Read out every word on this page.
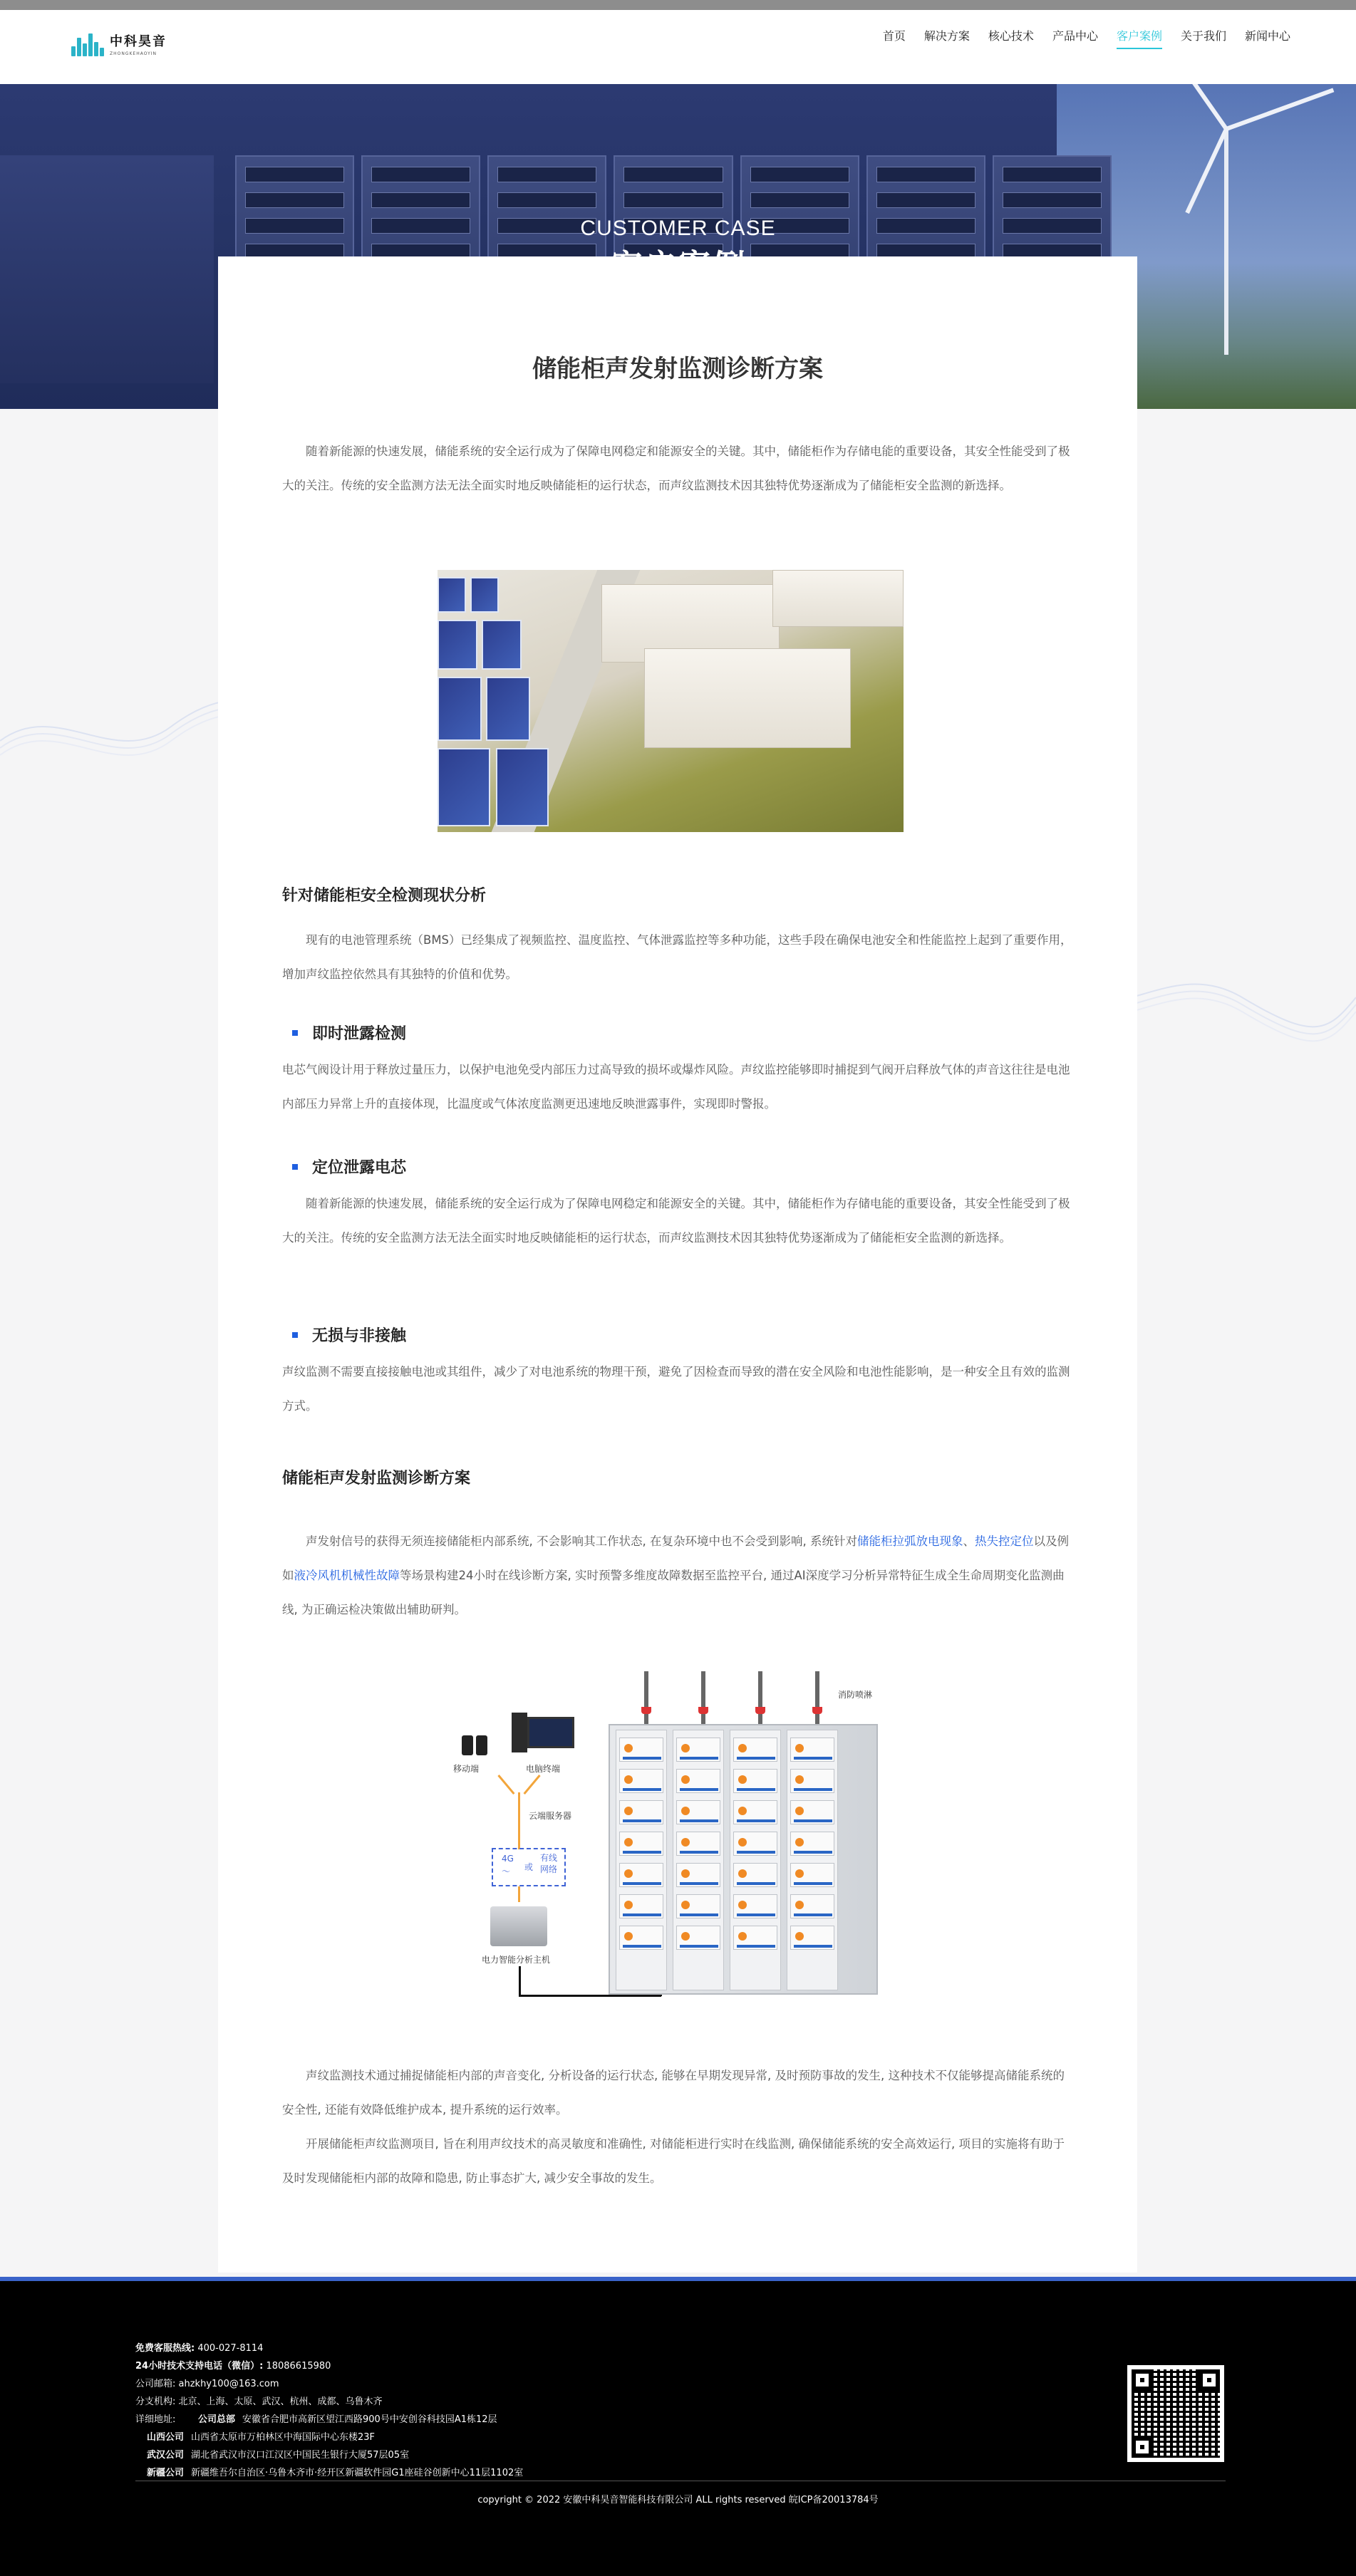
中科昊音
ZHONGKEHAOYIN
首页 解决方案 核心技术 产品中心 客户案例 关于我们 新闻中心
CUSTOMER CASE
储能柜声发射监测诊断方案

随着新能源的快速发展，储能系统的安全运行成为了保障电网稳定和能源安全的关键。其中，储能柜作为存储电能的重要设备，其安全性能受到了极大的关注。传统的安全监测方法无法全面实时地反映储能柜的运行状态，而声纹监测技术因其独特优势逐渐成为了储能柜安全监测的新选择。

针对储能柜安全检测现状分析

现有的电池管理系统（BMS）已经集成了视频监控、温度监控、气体泄露监控等多种功能，这些手段在确保电池安全和性能监控上起到了重要作用，增加声纹监控依然具有其独特的价值和优势。

即时泄露检测

电芯气阀设计用于释放过量压力，以保护电池免受内部压力过高导致的损坏或爆炸风险。声纹监控能够即时捕捉到气阀开启释放气体的声音这往往是电池内部压力异常上升的直接体现，比温度或气体浓度监测更迅速地反映泄露事件，实现即时警报。

定位泄露电芯

随着新能源的快速发展，储能系统的安全运行成为了保障电网稳定和能源安全的关键。其中，储能柜作为存储电能的重要设备，其安全性能受到了极大的关注。传统的安全监测方法无法全面实时地反映储能柜的运行状态，而声纹监测技术因其独特优势逐渐成为了储能柜安全监测的新选择。

无损与非接触

声纹监测不需要直接接触电池或其组件，减少了对电池系统的物理干预，避免了因检查而导致的潜在安全风险和电池性能影响，是一种安全且有效的监测方式。

储能柜声发射监测诊断方案

声发射信号的获得无须连接储能柜内部系统, 不会影响其工作状态, 在复杂环境中也不会受到影响, 系统针对储能柜拉弧放电现象、热失控定位以及例如液冷风机机械性故障等场景构建24小时在线诊断方案, 实时预警多维度故障数据至监控平台, 通过AI深度学习分析异常特征生成全生命周期变化监测曲线, 为正确运检决策做出辅助研判。

移动端	电脑终端
云端服务器
4G
〜 或
有线网络
电力智能分析主机
消防喷淋

声纹监测技术通过捕捉储能柜内部的声音变化, 分析设备的运行状态, 能够在早期发现异常, 及时预防事故的发生, 这种技术不仅能够提高储能系统的安全性, 还能有效降低维护成本, 提升系统的运行效率。

开展储能柜声纹监测项目, 旨在利用声纹技术的高灵敏度和准确性, 对储能柜进行实时在线监测, 确保储能系统的安全高效运行, 项目的实施将有助于及时发现储能柜内部的故障和隐患, 防止事态扩大, 减少安全事故的发生。

免费客服热线: 400-027-8114
24小时技术支持电话（微信）: 18086615980
公司邮箱: ahzkhy100@163.com
分支机构: 北京、上海、太原、武汉、杭州、成都、乌鲁木齐
详细地址:	公司总部 安徽省合肥市高新区望江西路900号中安创谷科技园A1栋12层
山西公司 山西省太原市万柏林区中海国际中心东楼23F
武汉公司 湖北省武汉市汉口江汉区中国民生银行大厦57层05室
新疆公司 新疆维吾尔自治区·乌鲁木齐市·经开区新疆软件园G1座硅谷创新中心11层1102室
copyright © 2022 安徽中科昊音智能科技有限公司 ALL rights reserved 皖ICP备20013784号
